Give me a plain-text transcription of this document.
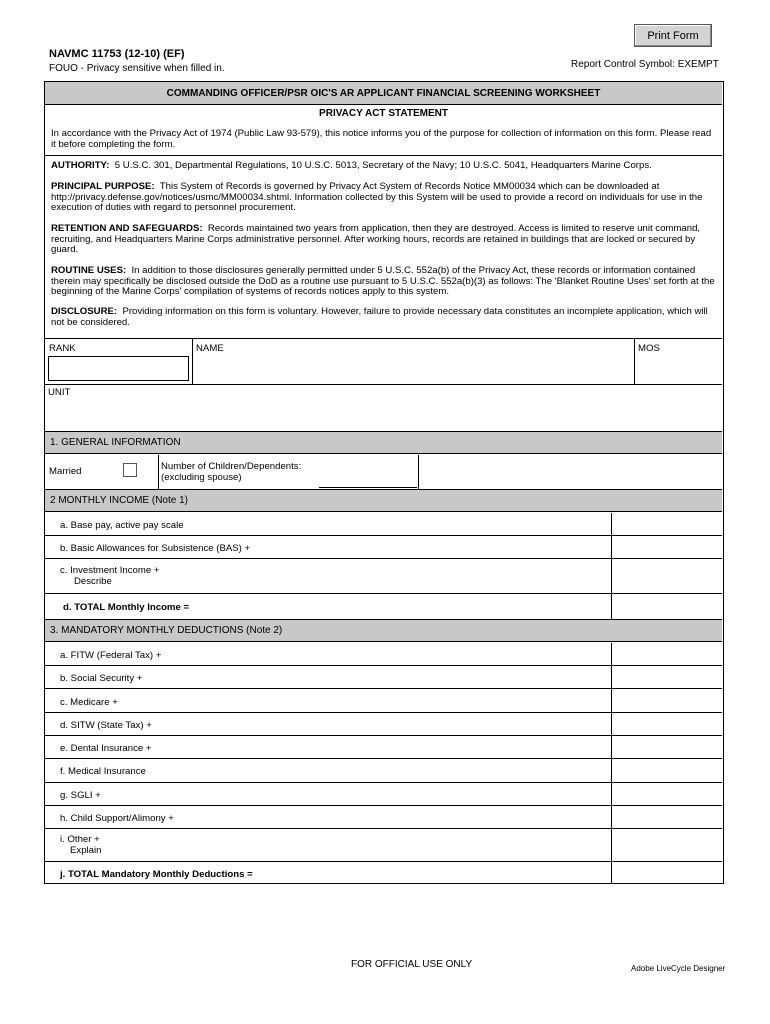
Print Form
NAVMC 11753 (12-10) (EF)
FOUO - Privacy sensitive when filled in.	Report Control Symbol: EXEMPT
COMMANDING OFFICER/PSR OIC'S AR APPLICANT FINANCIAL SCREENING WORKSHEET
PRIVACY ACT STATEMENT
In accordance with the Privacy Act of 1974 (Public Law 93-579), this notice informs you of the purpose for collection of information on this form. Please read it before completing the form.
AUTHORITY: 5 U.S.C. 301, Departmental Regulations, 10 U.S.C. 5013, Secretary of the Navy; 10 U.S.C. 5041, Headquarters Marine Corps.
PRINCIPAL PURPOSE: This System of Records is governed by Privacy Act System of Records Notice MM00034 which can be downloaded at http://privacy.defense.gov/notices/usmc/MM00034.shtml. Information collected by this System will be used to provide a record on individuals for use in the execution of duties with regard to personnel procurement.
RETENTION AND SAFEGUARDS: Records maintained two years from application, then they are destroyed. Access is limited to reserve unit command, recruiting, and Headquarters Marine Corps administrative personnel. After working hours, records are retained in buildings that are locked or secured by guard.
ROUTINE USES: In addition to those disclosures generally permitted under 5 U.S.C. 552a(b) of the Privacy Act, these records or information contained therein may specifically be disclosed outside the DoD as a routine use pursuant to 5 U.S.C. 552a(b)(3) as follows: The 'Blanket Routine Uses' set forth at the beginning of the Marine Corps' compilation of systems of records notices apply to this system.
DISCLOSURE: Providing information on this form is voluntary. However, failure to provide necessary data constitutes an incomplete application, which will not be considered.
RANK	NAME	MOS
UNIT
1. GENERAL INFORMATION
Married	Number of Children/Dependents:
(excluding spouse)
2 MONTHLY INCOME (Note 1)
a. Base pay, active pay scale
b. Basic Allowances for Subsistence (BAS) +
c. Investment Income +
Describe
d. TOTAL Monthly Income =
3. MANDATORY MONTHLY DEDUCTIONS (Note 2)
a. FITW (Federal Tax) +
b. Social Security +
c. Medicare +
d. SITW (State Tax) +
e. Dental Insurance +
f. Medical Insurance
g. SGLI +
h. Child Support/Alimony +
i. Other +
Explain
j. TOTAL Mandatory Monthly Deductions =
FOR OFFICIAL USE ONLY	Adobe LiveCycle Designer
